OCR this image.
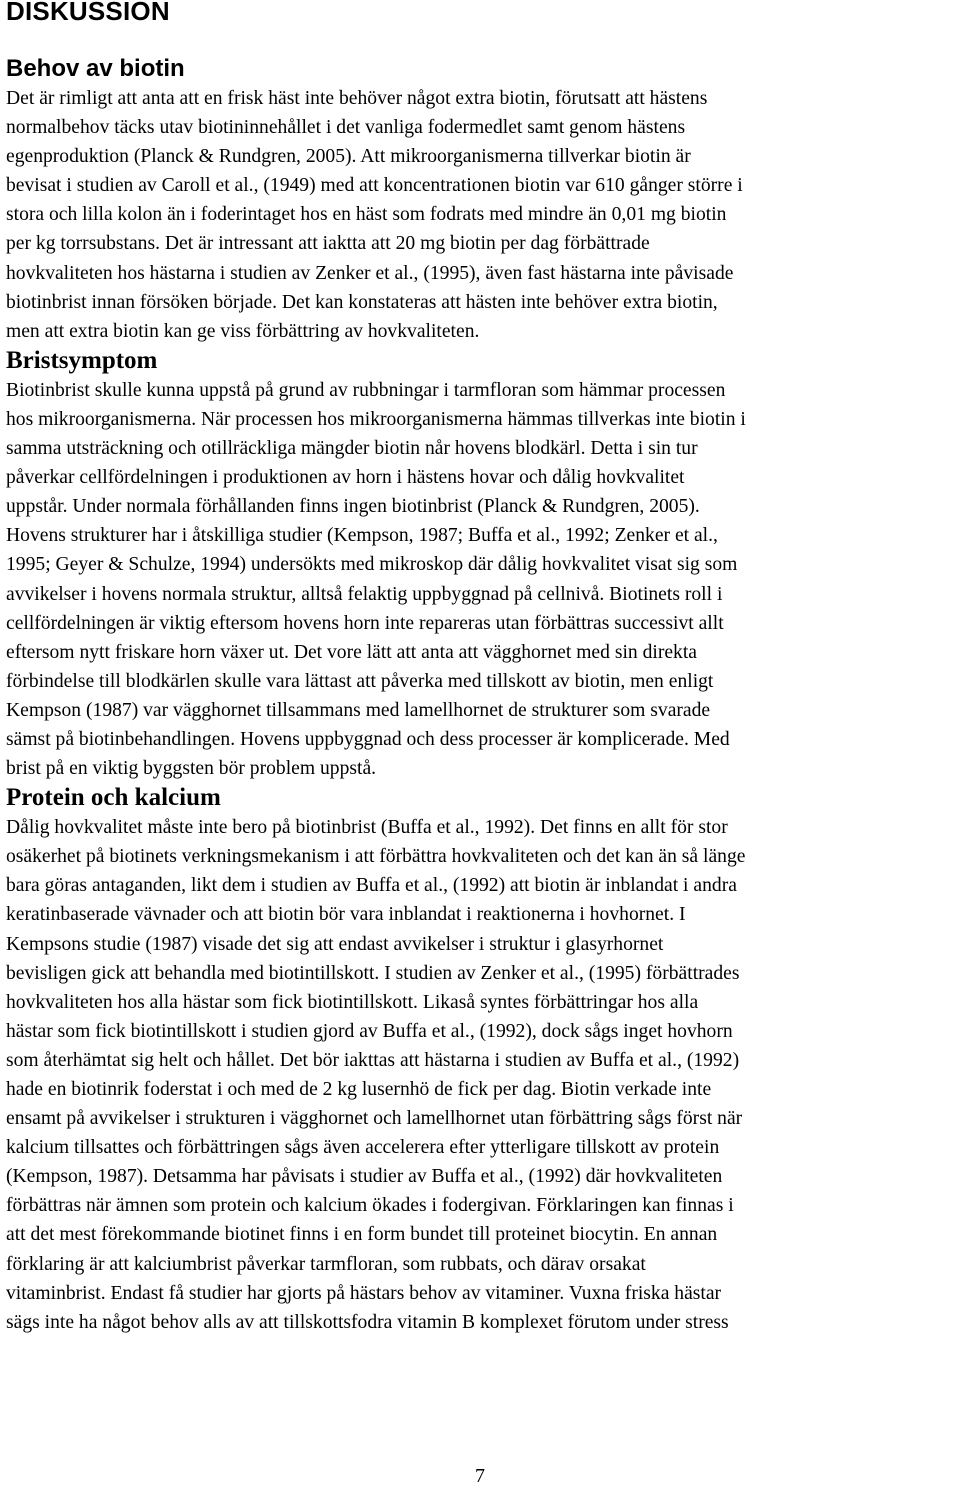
DISKUSSION
Behov av biotin

Det är rimligt att anta att en frisk häst inte behöver något extra biotin, förutsatt att hästens
normalbehov täcks utav biotininnehållet i det vanliga fodermedlet samt genom hästens
egenproduktion (Planck & Rundgren, 2005). Att mikroorganismerna tillverkar biotin är
bevisat i studien av Caroll et al., (1949) med att koncentrationen biotin var 610 gånger större i
stora och lilla kolon än i foderintaget hos en häst som fodrats med mindre än 0,01 mg biotin
per kg torrsubstans. Det är intressant att iaktta att 20 mg biotin per dag förbättrade
hovkvaliteten hos hästarna i studien av Zenker et al., (1995), även fast hästarna inte påvisade
biotinbrist innan försöken började. Det kan konstateras att hästen inte behöver extra biotin,
men att extra biotin kan ge viss förbättring av hovkvaliteten.

Bristsymptom

Biotinbrist skulle kunna uppstå på grund av rubbningar i tarmfloran som hämmar processen
hos mikroorganismerna. När processen hos mikroorganismerna hämmas tillverkas inte biotin i
samma utsträckning och otillräckliga mängder biotin når hovens blodkärl. Detta i sin tur
påverkar cellfördelningen i produktionen av horn i hästens hovar och dålig hovkvalitet
uppstår. Under normala förhållanden finns ingen biotinbrist (Planck & Rundgren, 2005).
Hovens strukturer har i åtskilliga studier (Kempson, 1987; Buffa et al., 1992; Zenker et al.,
1995; Geyer & Schulze, 1994) undersökts med mikroskop där dålig hovkvalitet visat sig som
avvikelser i hovens normala struktur, alltså felaktig uppbyggnad på cellnivå. Biotinets roll i
cellfördelningen är viktig eftersom hovens horn inte repareras utan förbättras successivt allt
eftersom nytt friskare horn växer ut. Det vore lätt att anta att vägghornet med sin direkta
förbindelse till blodkärlen skulle vara lättast att påverka med tillskott av biotin, men enligt
Kempson (1987) var vägghornet tillsammans med lamellhornet de strukturer som svarade
sämst på biotinbehandlingen. Hovens uppbyggnad och dess processer är komplicerade. Med
brist på en viktig byggsten bör problem uppstå.

Protein och kalcium

Dålig hovkvalitet måste inte bero på biotinbrist (Buffa et al., 1992). Det finns en allt för stor
osäkerhet på biotinets verkningsmekanism i att förbättra hovkvaliteten och det kan än så länge
bara göras antaganden, likt dem i studien av Buffa et al., (1992) att biotin är inblandat i andra
keratinbaserade vävnader och att biotin bör vara inblandat i reaktionerna i hovhornet. I
Kempsons studie (1987) visade det sig att endast avvikelser i struktur i glasyrhornet
bevisligen gick att behandla med biotintillskott. I studien av Zenker et al., (1995) förbättrades
hovkvaliteten hos alla hästar som fick biotintillskott. Likaså syntes förbättringar hos alla
hästar som fick biotintillskott i studien gjord av Buffa et al., (1992), dock sågs inget hovhorn
som återhämtat sig helt och hållet. Det bör iakttas att hästarna i studien av Buffa et al., (1992)
hade en biotinrik foderstat i och med de 2 kg lusernhö de fick per dag. Biotin verkade inte
ensamt på avvikelser i strukturen i vägghornet och lamellhornet utan förbättring sågs först när
kalcium tillsattes och förbättringen sågs även accelerera efter ytterligare tillskott av protein
(Kempson, 1987). Detsamma har påvisats i studier av Buffa et al., (1992) där hovkvaliteten
förbättras när ämnen som protein och kalcium ökades i fodergivan. Förklaringen kan finnas i
att det mest förekommande biotinet finns i en form bundet till proteinet biocytin. En annan
förklaring är att kalciumbrist påverkar tarmfloran, som rubbats, och därav orsakat
vitaminbrist. Endast få studier har gjorts på hästars behov av vitaminer. Vuxna friska hästar
sägs inte ha något behov alls av att tillskottsfodra vitamin B komplexet förutom under stress

7
